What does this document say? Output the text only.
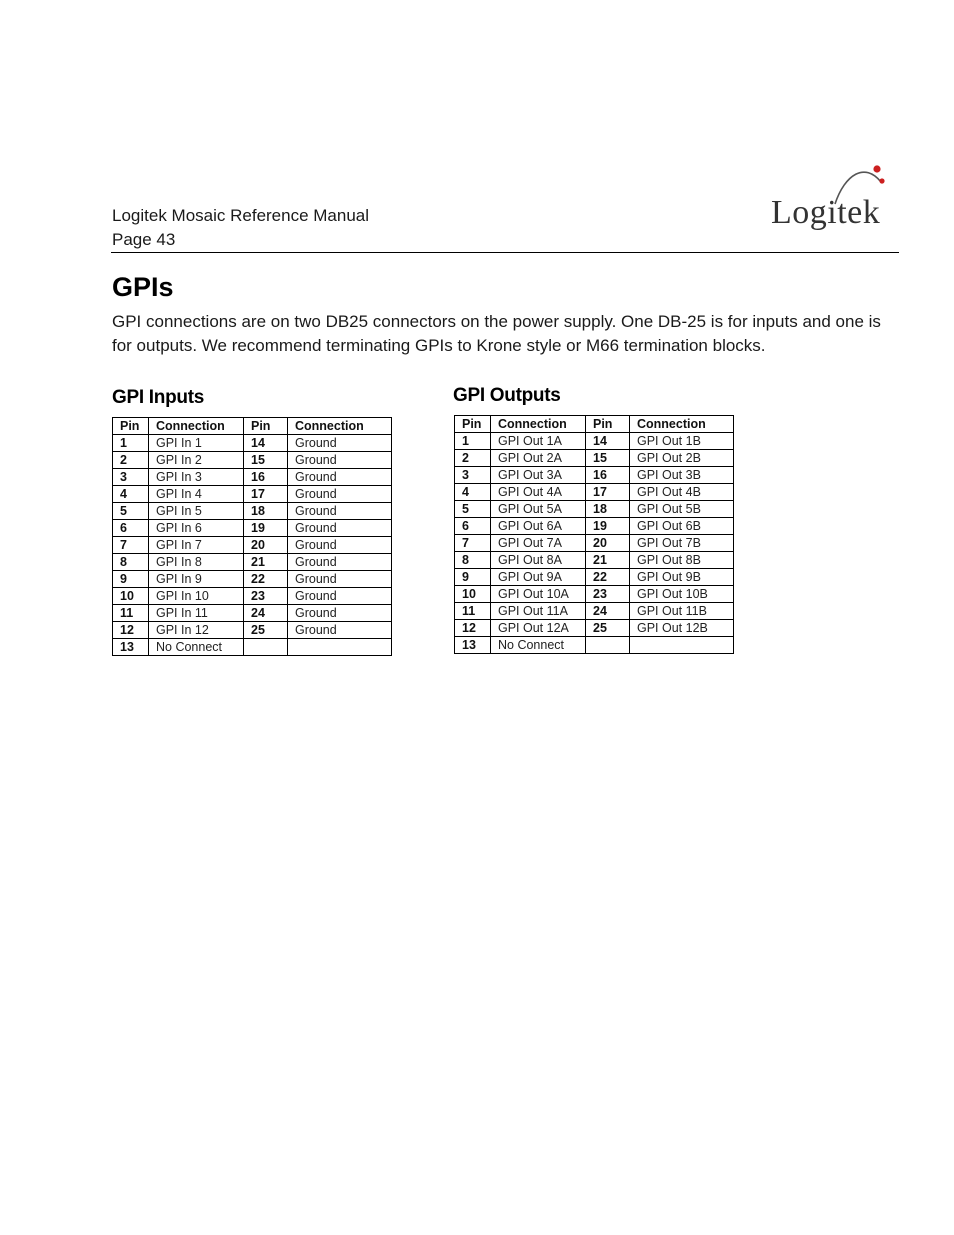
Logitek Mosaic Reference Manual
Page 43
Logitek
GPIs

GPI connections are on two DB25 connectors on the power supply. One DB-25 is for inputs and one is for outputs. We recommend terminating GPIs to Krone style or M66 termination blocks.

GPI Inputs	GPI Outputs
Pin	Connection	Pin	Connection
1	GPI In 1	14	Ground
2	GPI In 2	15	Ground
3	GPI In 3	16	Ground
4	GPI In 4	17	Ground
5	GPI In 5	18	Ground
6	GPI In 6	19	Ground
7	GPI In 7	20	Ground
8	GPI In 8	21	Ground
9	GPI In 9	22	Ground
10	GPI In 10	23	Ground
11	GPI In 11	24	Ground
12	GPI In 12	25	Ground
13	No Connect		
Pin	Connection	Pin	Connection
1	GPI Out 1A	14	GPI Out 1B
2	GPI Out 2A	15	GPI Out 2B
3	GPI Out 3A	16	GPI Out 3B
4	GPI Out 4A	17	GPI Out 4B
5	GPI Out 5A	18	GPI Out 5B
6	GPI Out 6A	19	GPI Out 6B
7	GPI Out 7A	20	GPI Out 7B
8	GPI Out 8A	21	GPI Out 8B
9	GPI Out 9A	22	GPI Out 9B
10	GPI Out 10A	23	GPI Out 10B
11	GPI Out 11A	24	GPI Out 11B
12	GPI Out 12A	25	GPI Out 12B
13	No Connect		
